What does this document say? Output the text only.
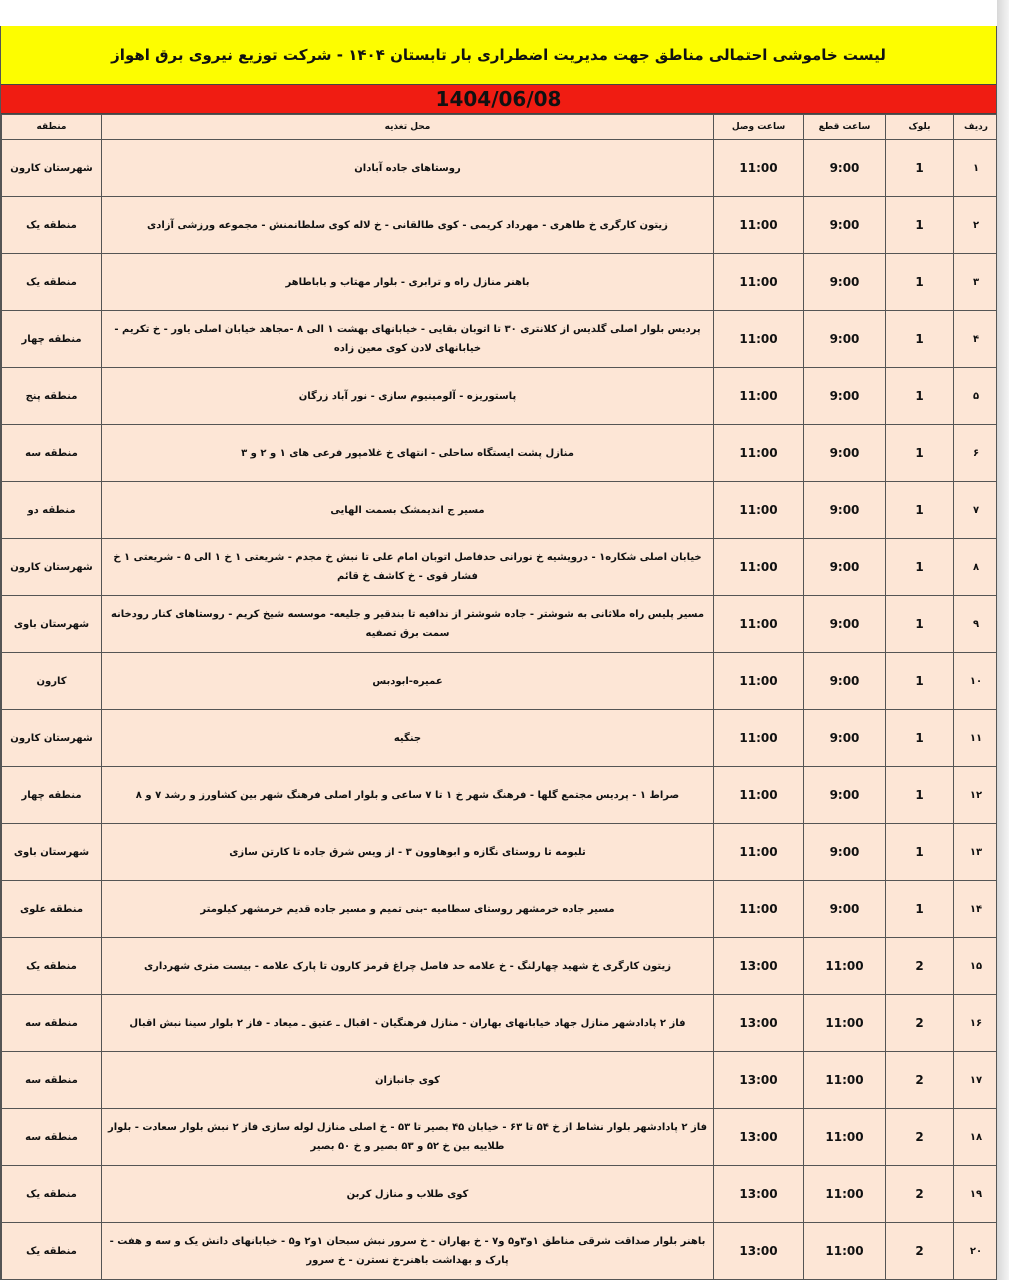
لیست خاموشی احتمالی مناطق جهت مدیریت اضطراری بار تابستان ۱۴۰۴ - شرکت توزیع نیروی برق اهواز
1404/06/08
ردیف	بلوک	ساعت قطع	ساعت وصل	محل تغذیه	منطقه
۱	1	9:00	11:00	روستاهای جاده آبادان	شهرستان کارون
۲	1	9:00	11:00	زیتون کارگری خ طاهری - مهرداد کریمی - کوی طالقانی - خ لاله کوی سلطانمنش - مجموعه ورزشی آزادی	منطقه یک
۳	1	9:00	11:00	باهنر منازل راه و ترابری - بلوار مهتاب و باباطاهر	منطقه یک
۴	1	9:00	11:00	پردیس بلوار اصلی گلدیس از کلانتری ۳۰ تا اتوبان بقایی - خیابانهای بهشت ۱ الی ۸ -مجاهد خیابان اصلی یاور - خ تکریم - خیابانهای لادن کوی معین زاده	منطقه چهار
۵	1	9:00	11:00	پاستوریزه - آلومینیوم سازی - نور آباد زرگان	منطقه پنج
۶	1	9:00	11:00	منازل پشت ایستگاه ساحلی - انتهای خ غلامپور فرعی های ۱ و ۲ و ۳	منطقه سه
۷	1	9:00	11:00	مسیر ج اندیمشک بسمت الهایی	منطقه دو
۸	1	9:00	11:00	خیابان اصلی شکاره۱ - درویشیه خ نورانی حدفاصل اتوبان امام علی تا نبش خ مجدم - شریعتی ۱ خ ۱ الی ۵ - شریعتی ۱ خ فشار قوی - خ کاشف خ قائم	شهرستان کارون
۹	1	9:00	11:00	مسیر پلیس راه ملاثانی به شوشتر - جاده شوشتر از ندافیه تا بندقیر و جلیعه- موسسه شیخ کریم - روستاهای کنار رودخانه سمت برق تصفیه	شهرستان باوی
۱۰	1	9:00	11:00	عمیره-ابودبس	کارون
۱۱	1	9:00	11:00	جنگیه	شهرستان کارون
۱۲	1	9:00	11:00	صراط ۱ - پردیس مجتمع گلها - فرهنگ شهر خ ۱ تا ۷ ساعی و بلوار اصلی فرهنگ شهر بین کشاورز و رشد ۷ و ۸	منطقه چهار
۱۳	1	9:00	11:00	تلبومه تا روستای نگازه و ابوهاوون ۳ - از ویس شرق جاده تا کارتن سازی	شهرستان باوی
۱۴	1	9:00	11:00	مسیر جاده خرمشهر روستای سطامیه -بنی تمیم و مسیر جاده قدیم خرمشهر کیلومتر	منطقه علوی
۱۵	2	11:00	13:00	زیتون کارگری خ شهید چهارلنگ - خ علامه حد فاصل چراغ قرمز کارون تا پارک علامه - بیست متری شهرداری	منطقه یک
۱۶	2	11:00	13:00	فاز ۲ پادادشهر منازل جهاد خیابانهای بهاران - منازل فرهنگیان - اقبال ـ عتیق ـ میعاد - فاز ۲ بلوار سینا نبش اقبال	منطقه سه
۱۷	2	11:00	13:00	کوی جانبازان	منطقه سه
۱۸	2	11:00	13:00	فاز ۲ پادادشهر بلوار نشاط از خ ۵۴ تا ۶۳ - خیابان ۴۵ بصیر تا ۵۳ - خ اصلی منازل لوله سازی فاز ۲ نبش بلوار سعادت - بلوار طلاییه بین خ ۵۲ و ۵۳ بصیر و خ ۵۰ بصیر	منطقه سه
۱۹	2	11:00	13:00	کوی طلاب و منازل کربن	منطقه یک
۲۰	2	11:00	13:00	باهنر بلوار صداقت شرقی مناطق ۱و۳و۵ و۷ - خ بهاران - خ سرور نبش سبحان ۱و۲ و۵ - خیابانهای دانش یک و سه و هفت - پارک و بهداشت باهنر-خ نسترن - خ سرور	منطقه یک
